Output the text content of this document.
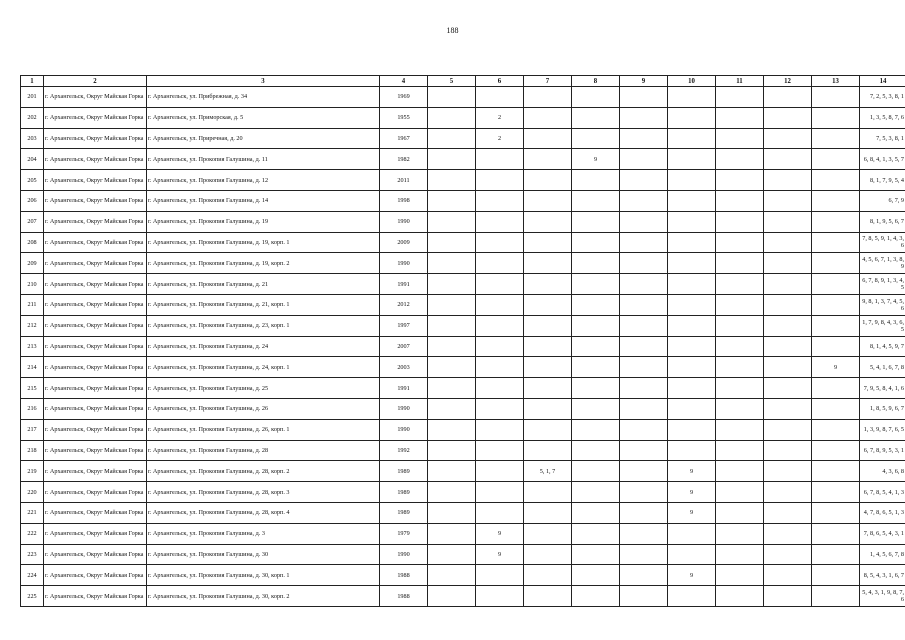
188
1	2	3	4	5	6	7	8	9	10	11	12	13	14
201	г. Архангельск, Округ Майская Горка	г. Архангельск, ул. Прибрежная, д. 34	1969										7, 2, 5, 3, 8, 1
202	г. Архангельск, Округ Майская Горка	г. Архангельск, ул. Приморская, д. 5	1955		2								1, 3, 5, 8, 7, 6
203	г. Архангельск, Округ Майская Горка	г. Архангельск, ул. Приречная, д. 20	1967		2								7, 5, 3, 8, 1
204	г. Архангельск, Округ Майская Горка	г. Архангельск, ул. Прокопия Галушина, д. 11	1982				9						6, 8, 4, 1, 3, 5, 7
205	г. Архангельск, Округ Майская Горка	г. Архангельск, ул. Прокопия Галушина, д. 12	2011										8, 1, 7, 9, 5, 4
206	г. Архангельск, Округ Майская Горка	г. Архангельск, ул. Прокопия Галушина, д. 14	1998										6, 7, 9
207	г. Архангельск, Округ Майская Горка	г. Архангельск, ул. Прокопия Галушина, д. 19	1990										8, 1, 9, 5, 6, 7
208	г. Архангельск, Округ Майская Горка	г. Архангельск, ул. Прокопия Галушина, д. 19, корп. 1	2009										7, 8, 5, 9, 1, 4, 3, 6
209	г. Архангельск, Округ Майская Горка	г. Архангельск, ул. Прокопия Галушина, д. 19, корп. 2	1990										4, 5, 6, 7, 1, 3, 8, 9
210	г. Архангельск, Округ Майская Горка	г. Архангельск, ул. Прокопия Галушина, д. 21	1991										6, 7, 8, 9, 1, 3, 4, 5
211	г. Архангельск, Округ Майская Горка	г. Архангельск, ул. Прокопия Галушина, д. 21, корп. 1	2012										9, 8, 1, 3, 7, 4, 5, 6
212	г. Архангельск, Округ Майская Горка	г. Архангельск, ул. Прокопия Галушина, д. 23, корп. 1	1997										1, 7, 9, 8, 4, 3, 6, 5
213	г. Архангельск, Округ Майская Горка	г. Архангельск, ул. Прокопия Галушина, д. 24	2007										8, 1, 4, 5, 9, 7
214	г. Архангельск, Округ Майская Горка	г. Архангельск, ул. Прокопия Галушина, д. 24, корп. 1	2003									9	5, 4, 1, 6, 7, 8
215	г. Архангельск, Округ Майская Горка	г. Архангельск, ул. Прокопия Галушина, д. 25	1991										7, 9, 5, 8, 4, 1, 6
216	г. Архангельск, Округ Майская Горка	г. Архангельск, ул. Прокопия Галушина, д. 26	1990										1, 8, 5, 9, 6, 7
217	г. Архангельск, Округ Майская Горка	г. Архангельск, ул. Прокопия Галушина, д. 26, корп. 1	1990										1, 3, 9, 8, 7, 6, 5
218	г. Архангельск, Округ Майская Горка	г. Архангельск, ул. Прокопия Галушина, д. 28	1992										6, 7, 8, 9, 5, 3, 1
219	г. Архангельск, Округ Майская Горка	г. Архангельск, ул. Прокопия Галушина, д. 28, корп. 2	1989			5, 1, 7			9				4, 3, 6, 8
220	г. Архангельск, Округ Майская Горка	г. Архангельск, ул. Прокопия Галушина, д. 28, корп. 3	1989						9				6, 7, 8, 5, 4, 1, 3
221	г. Архангельск, Округ Майская Горка	г. Архангельск, ул. Прокопия Галушина, д. 28, корп. 4	1989						9				4, 7, 8, 6, 5, 1, 3
222	г. Архангельск, Округ Майская Горка	г. Архангельск, ул. Прокопия Галушина, д. 3	1979		9								7, 8, 6, 5, 4, 3, 1
223	г. Архангельск, Округ Майская Горка	г. Архангельск, ул. Прокопия Галушина, д. 30	1990		9								1, 4, 5, 6, 7, 8
224	г. Архангельск, Округ Майская Горка	г. Архангельск, ул. Прокопия Галушина, д. 30, корп. 1	1988						9				8, 5, 4, 3, 1, 6, 7
225	г. Архангельск, Округ Майская Горка	г. Архангельск, ул. Прокопия Галушина, д. 30, корп. 2	1988										5, 4, 3, 1, 9, 8, 7, 6
